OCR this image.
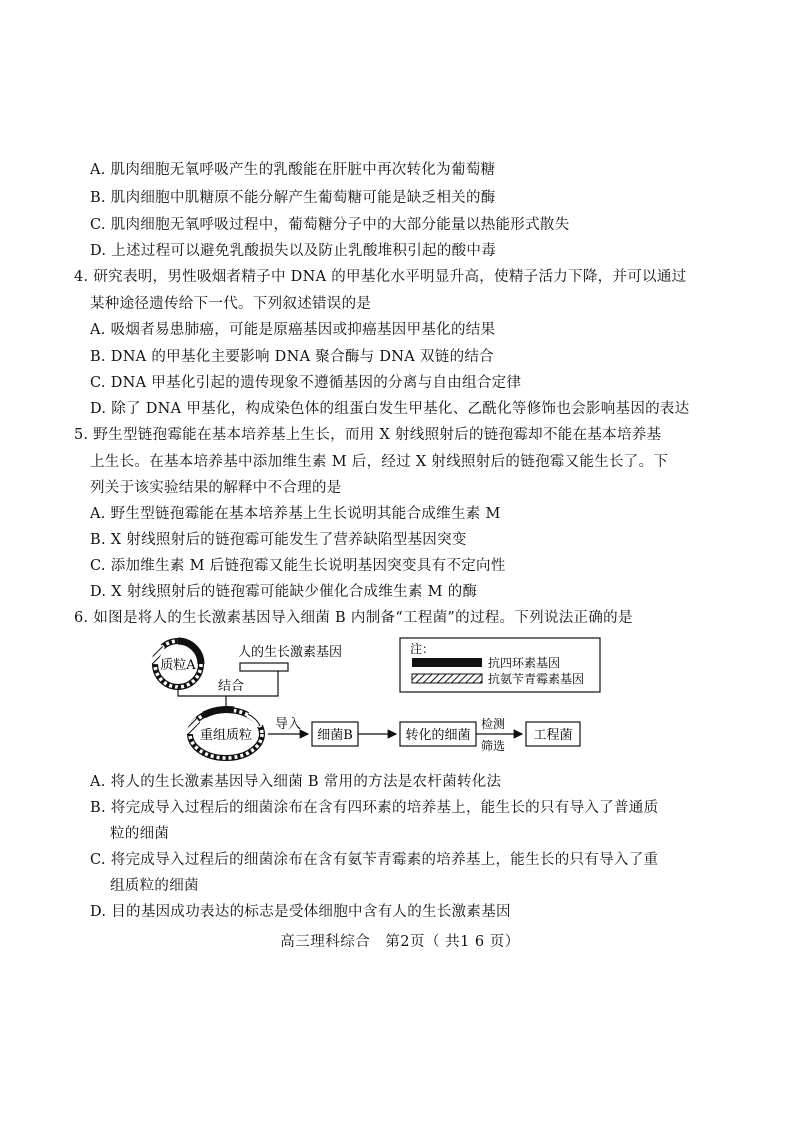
A. 肌肉细胞无氧呼吸产生的乳酸能在肝脏中再次转化为葡萄糖
B. 肌肉细胞中肌糖原不能分解产生葡萄糖可能是缺乏相关的酶
C. 肌肉细胞无氧呼吸过程中，葡萄糖分子中的大部分能量以热能形式散失
D. 上述过程可以避免乳酸损失以及防止乳酸堆积引起的酸中毒
4. 研究表明，男性吸烟者精子中 DNA 的甲基化水平明显升高，使精子活力下降，并可以通过
某种途径遗传给下一代。下列叙述错误的是
A. 吸烟者易患肺癌，可能是原癌基因或抑癌基因甲基化的结果
B. DNA 的甲基化主要影响 DNA 聚合酶与 DNA 双链的结合
C. DNA 甲基化引起的遗传现象不遵循基因的分离与自由组合定律
D. 除了 DNA 甲基化，构成染色体的组蛋白发生甲基化、乙酰化等修饰也会影响基因的表达
5. 野生型链孢霉能在基本培养基上生长，而用 X 射线照射后的链孢霉却不能在基本培养基
上生长。在基本培养基中添加维生素 M 后，经过 X 射线照射后的链孢霉又能生长了。下
列关于该实验结果的解释中不合理的是
A. 野生型链孢霉能在基本培养基上生长说明其能合成维生素 M
B. X 射线照射后的链孢霉可能发生了营养缺陷型基因突变
C. 添加维生素 M 后链孢霉又能生长说明基因突变具有不定向性
D. X 射线照射后的链孢霉可能缺少催化合成维生素 M 的酶
6. 如图是将人的生长激素基因导入细菌 B 内制备“工程菌”的过程。下列说法正确的是
质粒A
人的生长激素基因
结合
重组质粒
导入
细菌B	转化的细菌
检测
筛选
工程菌
注：
抗四环素基因
抗氨苄青霉素基因
A. 将人的生长激素基因导入细菌 B 常用的方法是农杆菌转化法
B. 将完成导入过程后的细菌涂布在含有四环素的培养基上，能生长的只有导入了普通质
粒的细菌
C. 将完成导入过程后的细菌涂布在含有氨苄青霉素的培养基上，能生长的只有导入了重
组质粒的细菌
D. 目的基因成功表达的标志是受体细胞中含有人的生长激素基因
高三理科综合　第2页（ 共1 6 页）
